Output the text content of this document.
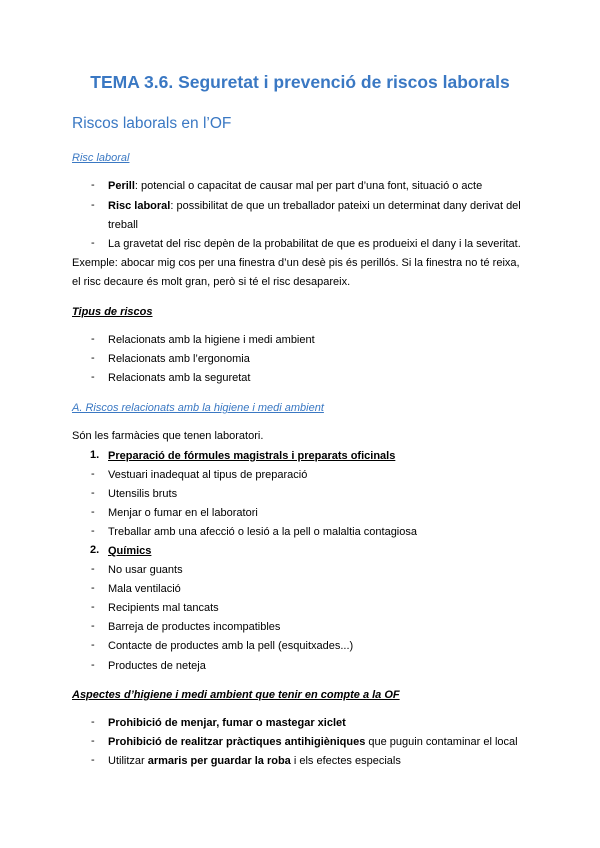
TEMA 3.6. Seguretat i prevenció de riscos laborals
Riscos laborals en l’OF
Risc laboral
- Perill: potencial o capacitat de causar mal per part d’una font, situació o acte
- Risc laboral: possibilitat de que un treballador pateixi un determinat dany derivat del
treball
- La gravetat del risc depèn de la probabilitat de que es produeixi el dany i la severitat.
Exemple: abocar mig cos per una finestra d’un desè pis és perillós. Si la finestra no té reixa,
el risc decaure és molt gran, però si té el risc desapareix.
Tipus de riscos
- Relacionats amb la higiene i medi ambient
- Relacionats amb l’ergonomia
- Relacionats amb la seguretat
A. Riscos relacionats amb la higiene i medi ambient
Són les farmàcies que tenen laboratori.
1. Preparació de fórmules magistrals i preparats oficinals
- Vestuari inadequat al tipus de preparació
- Utensilis bruts
- Menjar o fumar en el laboratori
- Treballar amb una afecció o lesió a la pell o malaltia contagiosa
2. Químics
- No usar guants
- Mala ventilació
- Recipients mal tancats
- Barreja de productes incompatibles
- Contacte de productes amb la pell (esquitxades...)
- Productes de neteja
Aspectes d’higiene i medi ambient que tenir en compte a la OF
- Prohibició de menjar, fumar o mastegar xiclet
- Prohibició de realitzar pràctiques antihigièniques que puguin contaminar el local
- Utilitzar armaris per guardar la roba i els efectes especials
